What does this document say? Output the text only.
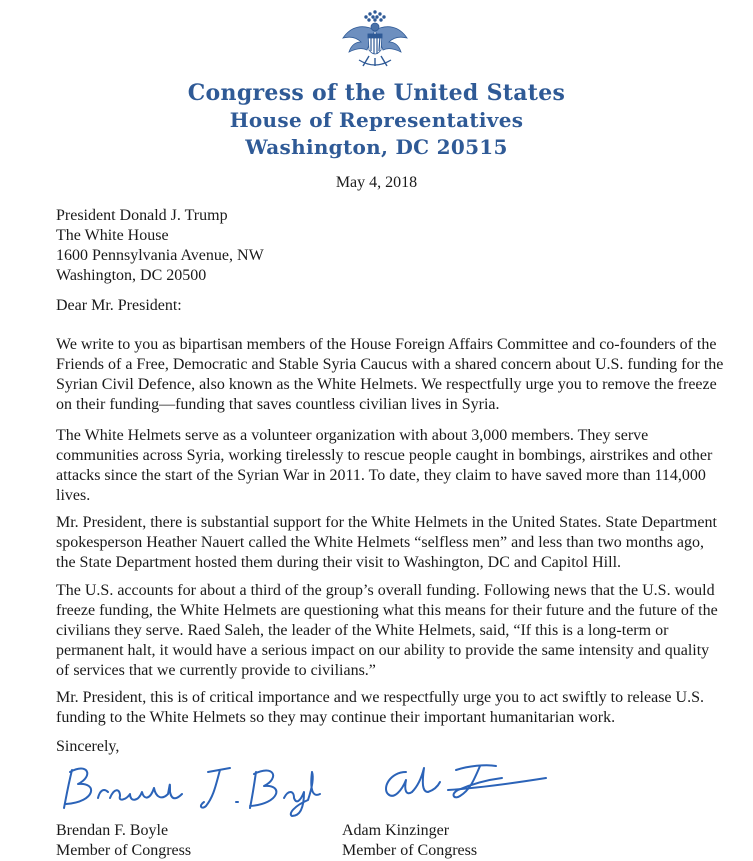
Congress of the United States
House of Representatives
Washington, DC 20515
May 4, 2018
President Donald J. Trump
The White House
1600 Pennsylvania Avenue, NW
Washington, DC 20500

Dear Mr. President:

We write to you as bipartisan members of the House Foreign Affairs Committee and co-founders of the Friends of a Free, Democratic and Stable Syria Caucus with a shared concern about U.S. funding for the Syrian Civil Defence, also known as the White Helmets. We respectfully urge you to remove the freeze on their funding—funding that saves countless civilian lives in Syria.

The White Helmets serve as a volunteer organization with about 3,000 members. They serve communities across Syria, working tirelessly to rescue people caught in bombings, airstrikes and other attacks since the start of the Syrian War in 2011. To date, they claim to have saved more than 114,000 lives.

Mr. President, there is substantial support for the White Helmets in the United States. State Department spokesperson Heather Nauert called the White Helmets “selfless men” and less than two months ago, the State Department hosted them during their visit to Washington, DC and Capitol Hill.

The U.S. accounts for about a third of the group’s overall funding. Following news that the U.S. would freeze funding, the White Helmets are questioning what this means for their future and the future of the civilians they serve. Raed Saleh, the leader of the White Helmets, said, “If this is a long-term or permanent halt, it would have a serious impact on our ability to provide the same intensity and quality of services that we currently provide to civilians.”

Mr. President, this is of critical importance and we respectfully urge you to act swiftly to release U.S. funding to the White Helmets so they may continue their important humanitarian work.

Sincerely,

Brendan F. Boyle
Member of Congress
Adam Kinzinger
Member of Congress
